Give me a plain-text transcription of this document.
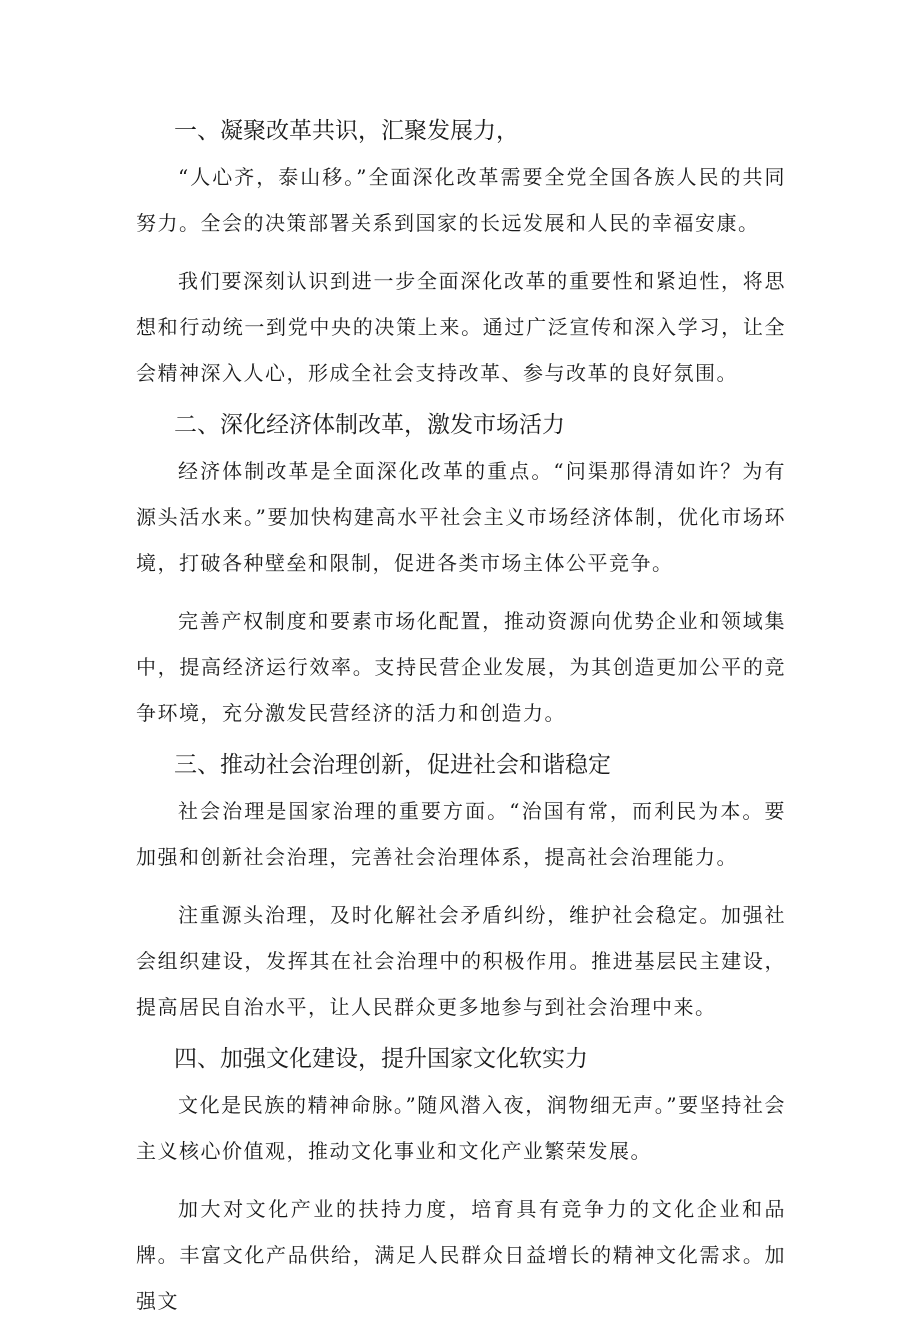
一、凝聚改革共识，汇聚发展力，

“人心齐，泰山移。”全面深化改革需要全党全国各族人民的共同努力。全会的决策部署关系到国家的长远发展和人民的幸福安康。

我们要深刻认识到进一步全面深化改革的重要性和紧迫性，将思想和行动统一到党中央的决策上来。通过广泛宣传和深入学习，让全会精神深入人心，形成全社会支持改革、参与改革的良好氛围。

二、深化经济体制改革，激发市场活力

经济体制改革是全面深化改革的重点。“问渠那得清如许？为有源头活水来。”要加快构建高水平社会主义市场经济体制，优化市场环境，打破各种壁垒和限制，促进各类市场主体公平竞争。

完善产权制度和要素市场化配置，推动资源向优势企业和领域集中，提高经济运行效率。支持民营企业发展，为其创造更加公平的竞争环境，充分激发民营经济的活力和创造力。

三、推动社会治理创新，促进社会和谐稳定

社会治理是国家治理的重要方面。“治国有常，而利民为本。要加强和创新社会治理，完善社会治理体系，提高社会治理能力。

注重源头治理，及时化解社会矛盾纠纷，维护社会稳定。加强社会组织建设，发挥其在社会治理中的积极作用。推进基层民主建设，提高居民自治水平，让人民群众更多地参与到社会治理中来。

四、加强文化建设，提升国家文化软实力

文化是民族的精神命脉。”随风潜入夜，润物细无声。”要坚持社会主义核心价值观，推动文化事业和文化产业繁荣发展。

加大对文化产业的扶持力度，培育具有竞争力的文化企业和品牌。丰富文化产品供给，满足人民群众日益增长的精神文化需求。加强文
